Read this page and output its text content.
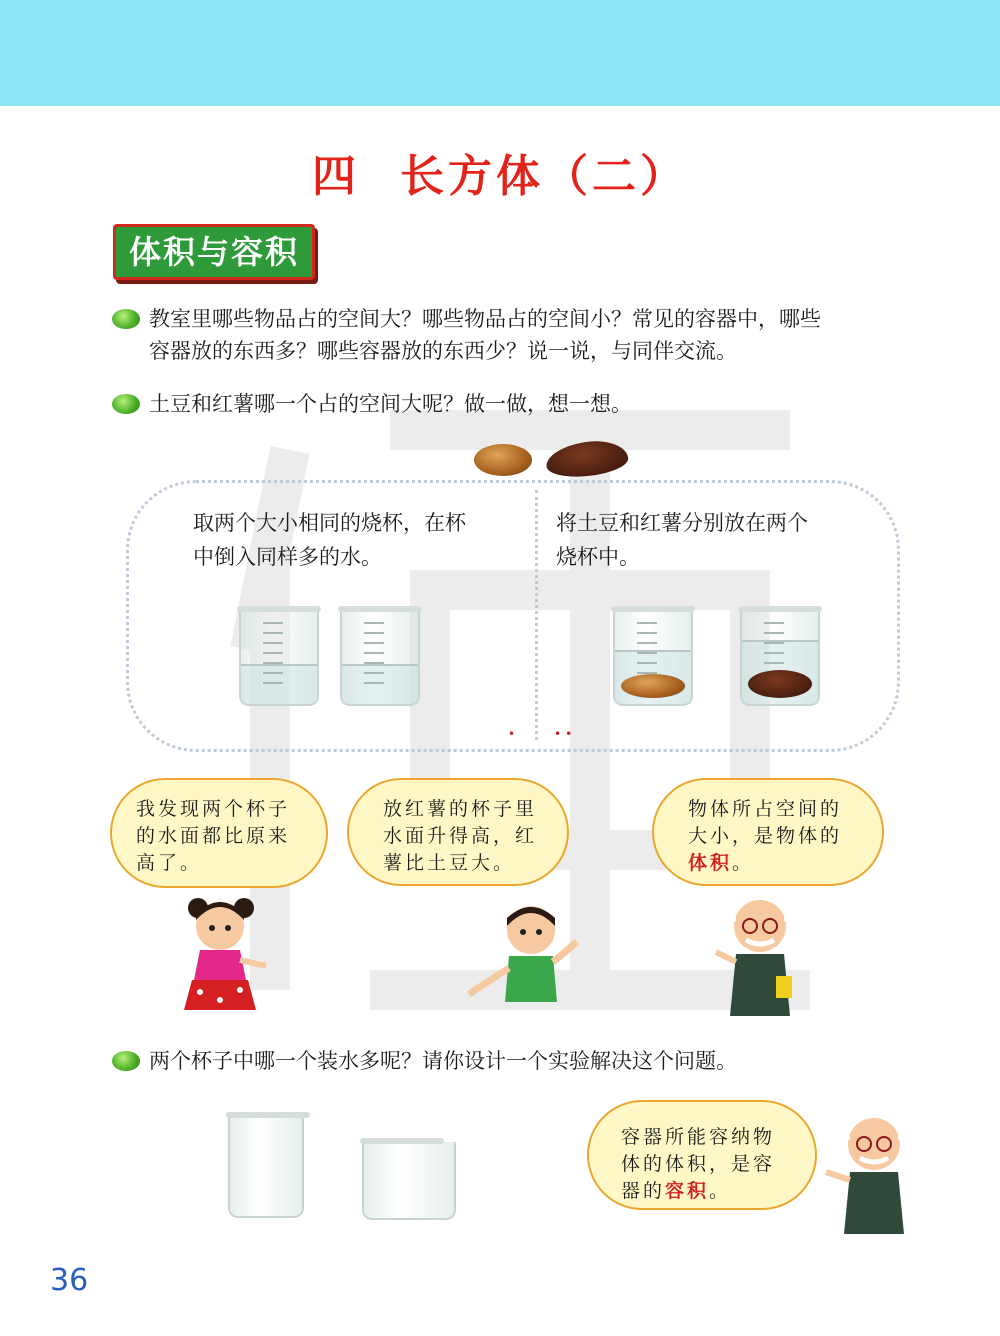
四 长方体（二）
体积与容积
教室里哪些物品占的空间大？哪些物品占的空间小？常见的容器中，哪些
容器放的东西多？哪些容器放的东西少？说一说，与同伴交流。
土豆和红薯哪一个占的空间大呢？做一做，想一想。
取两个大小相同的烧杯，在杯
中倒入同样多的水。
将土豆和红薯分别放在两个
烧杯中。
•	••
我发现两个杯子
的水面都比原来
高了。
放红薯的杯子里
水面升得高，红
薯比土豆大。
物体所占空间的
大小，是物体的
体积。
两个杯子中哪一个装水多呢？请你设计一个实验解决这个问题。
容器所能容纳物
体的体积，是容
器的容积。
36
